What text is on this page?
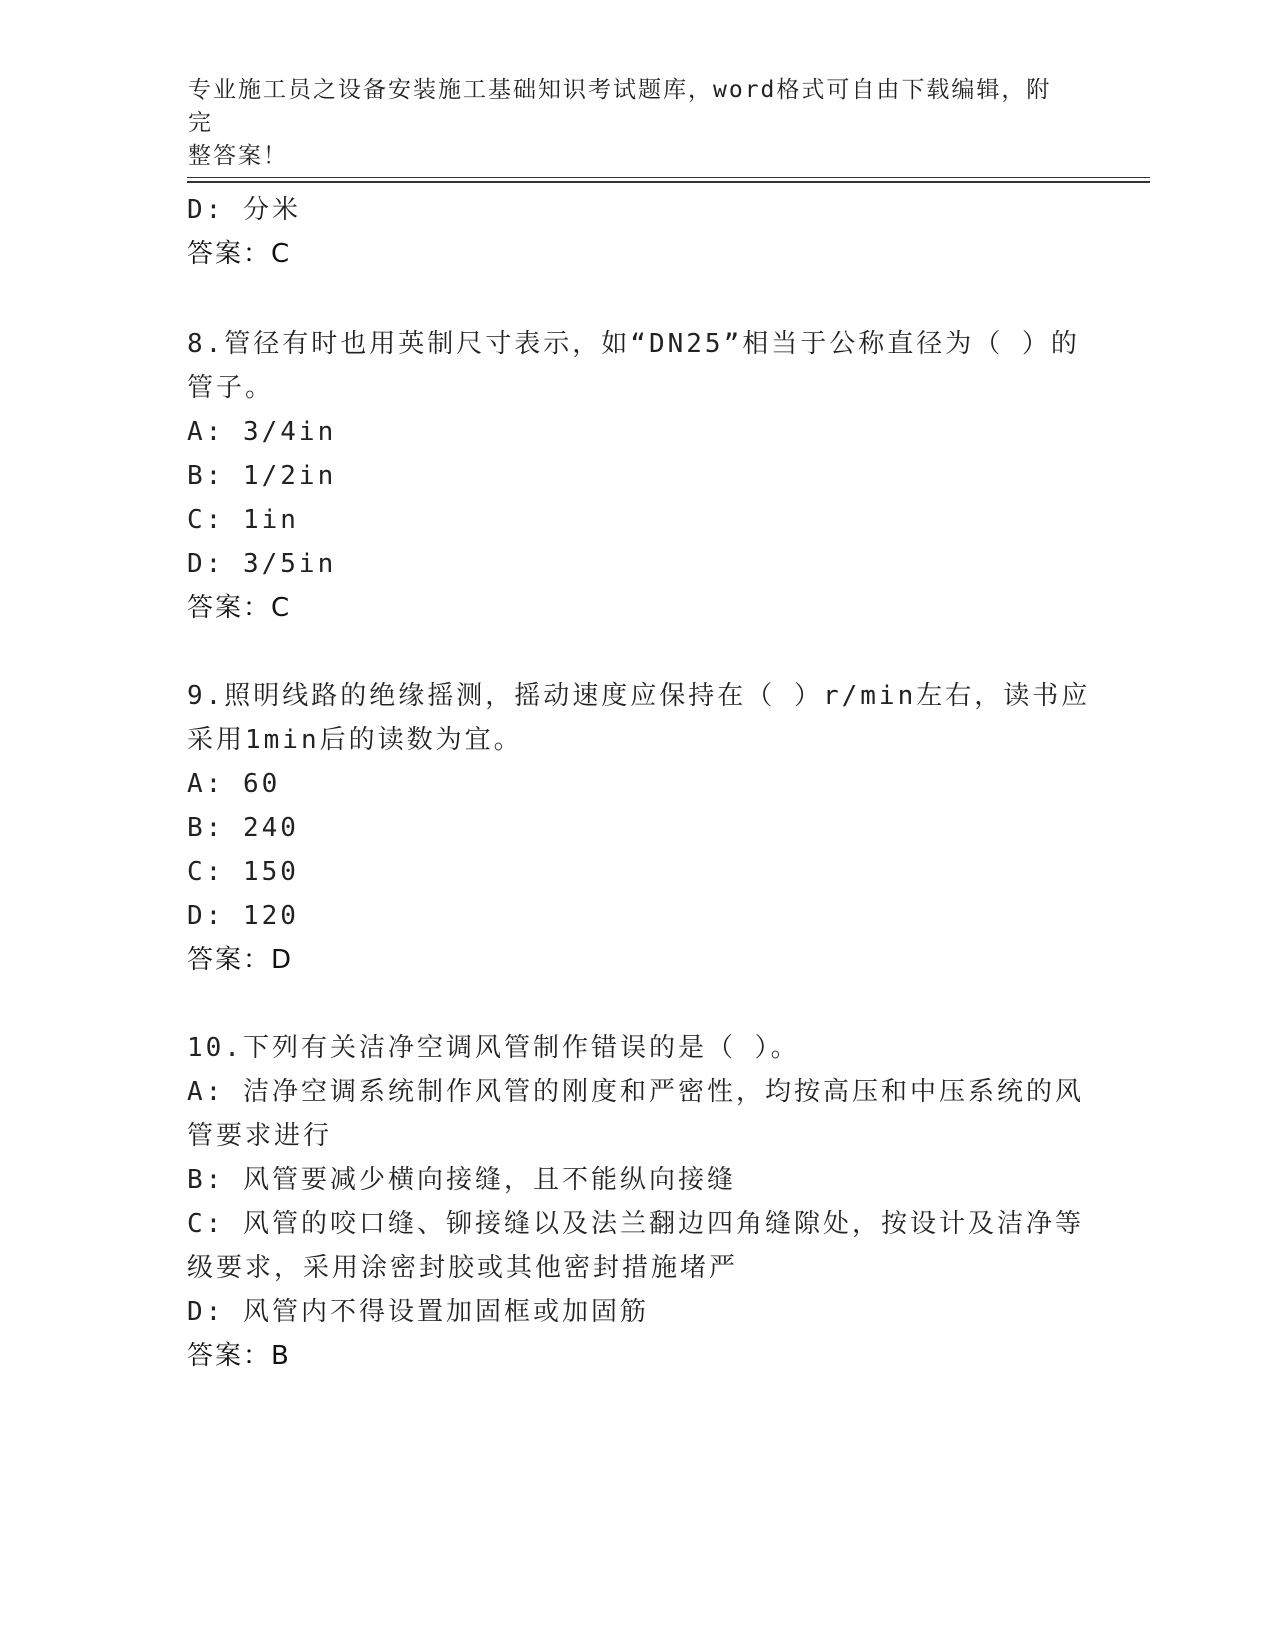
专业施工员之设备安装施工基础知识考试题库，word格式可自由下载编辑，附完
整答案！
D: 分米
答案：C
8.管径有时也用英制尺寸表示，如“DN25”相当于公称直径为（ ）的
管子。
A: 3/4in
B: 1/2in
C: 1in
D: 3/5in
答案：C
9.照明线路的绝缘摇测，摇动速度应保持在（ ）r/min左右，读书应
采用1min后的读数为宜。
A: 60
B: 240
C: 150
D: 120
答案：D
10.下列有关洁净空调风管制作错误的是（ ）。
A: 洁净空调系统制作风管的刚度和严密性，均按高压和中压系统的风
管要求进行
B: 风管要减少横向接缝，且不能纵向接缝
C: 风管的咬口缝、铆接缝以及法兰翻边四角缝隙处，按设计及洁净等
级要求，采用涂密封胶或其他密封措施堵严
D: 风管内不得设置加固框或加固筋
答案：B
